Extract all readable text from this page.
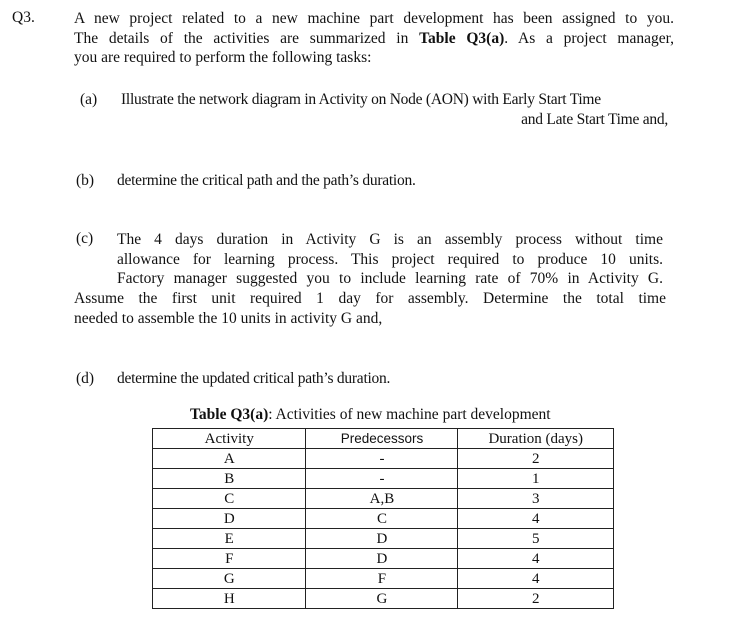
Q3.	A new project related to a new machine part development has been assigned to you.
The details of the activities are summarized in Table Q3(a). As a project manager,
you are required to perform the following tasks:
(a) Illustrate the network diagram in Activity on Node (AON) with Early Start Time
and Late Start Time and,
(b) determine the critical path and the path’s duration.
(c) The 4 days duration in Activity G is an assembly process without time
allowance for learning process. This project required to produce 10 units.
Factory manager suggested you to include learning rate of 70% in Activity G.
Assume the first unit required 1 day for assembly. Determine the total time
needed to assemble the 10 units in activity G and,
(d) determine the updated critical path’s duration.
Table Q3(a): Activities of new machine part development
Activity	Predecessors	Duration (days)
A	-	2
B	-	1
C	A,B	3
D	C	4
E	D	5
F	D	4
G	F	4
H	G	2
